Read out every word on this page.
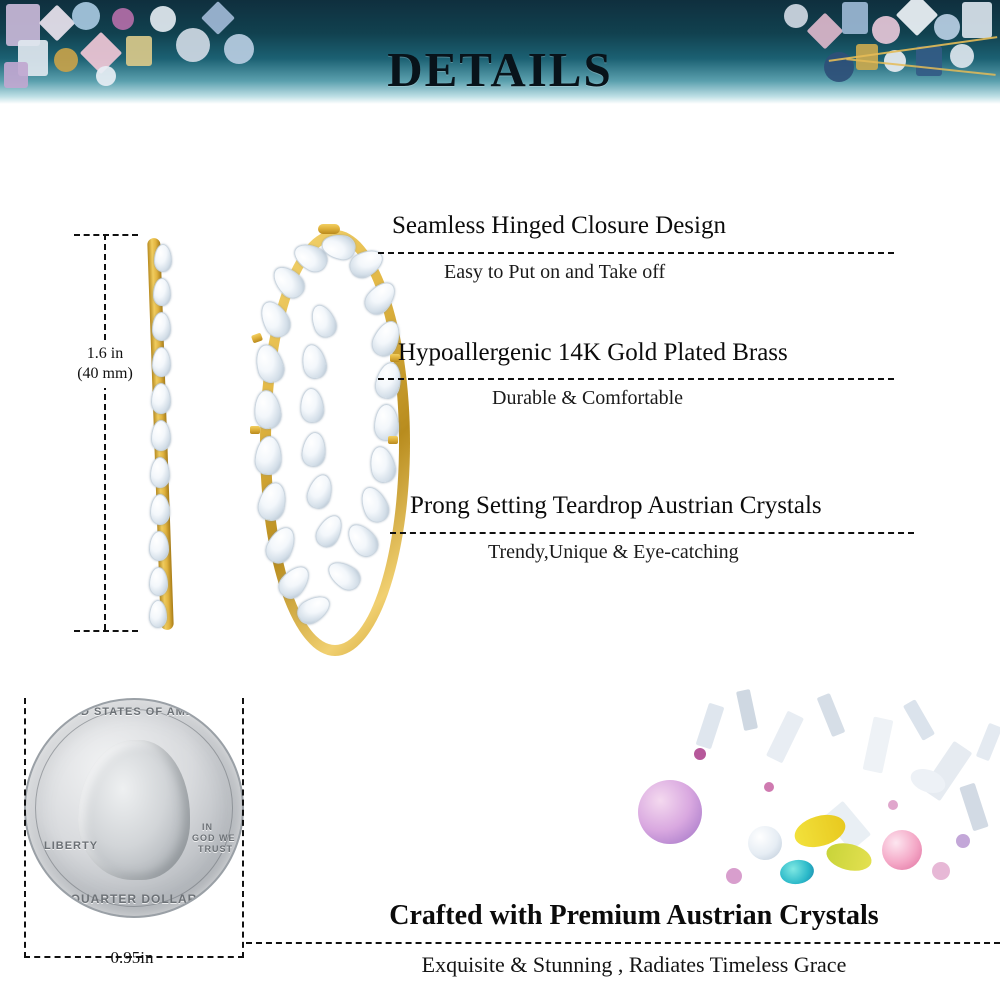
DETAILS
1.6 in
(40 mm)
Seamless Hinged Closure Design
Easy to Put on and Take off
Hypoallergenic 14K Gold Plated Brass
Durable & Comfortable
Prong Setting Teardrop Austrian Crystals
Trendy,Unique & Eye-catching
UNITED STATES OF AMERICA
LIBERTY
IN
GOD WE
TRUST
QUARTER DOLLAR
0.95in
Crafted with Premium Austrian Crystals
Exquisite & Stunning , Radiates Timeless Grace
